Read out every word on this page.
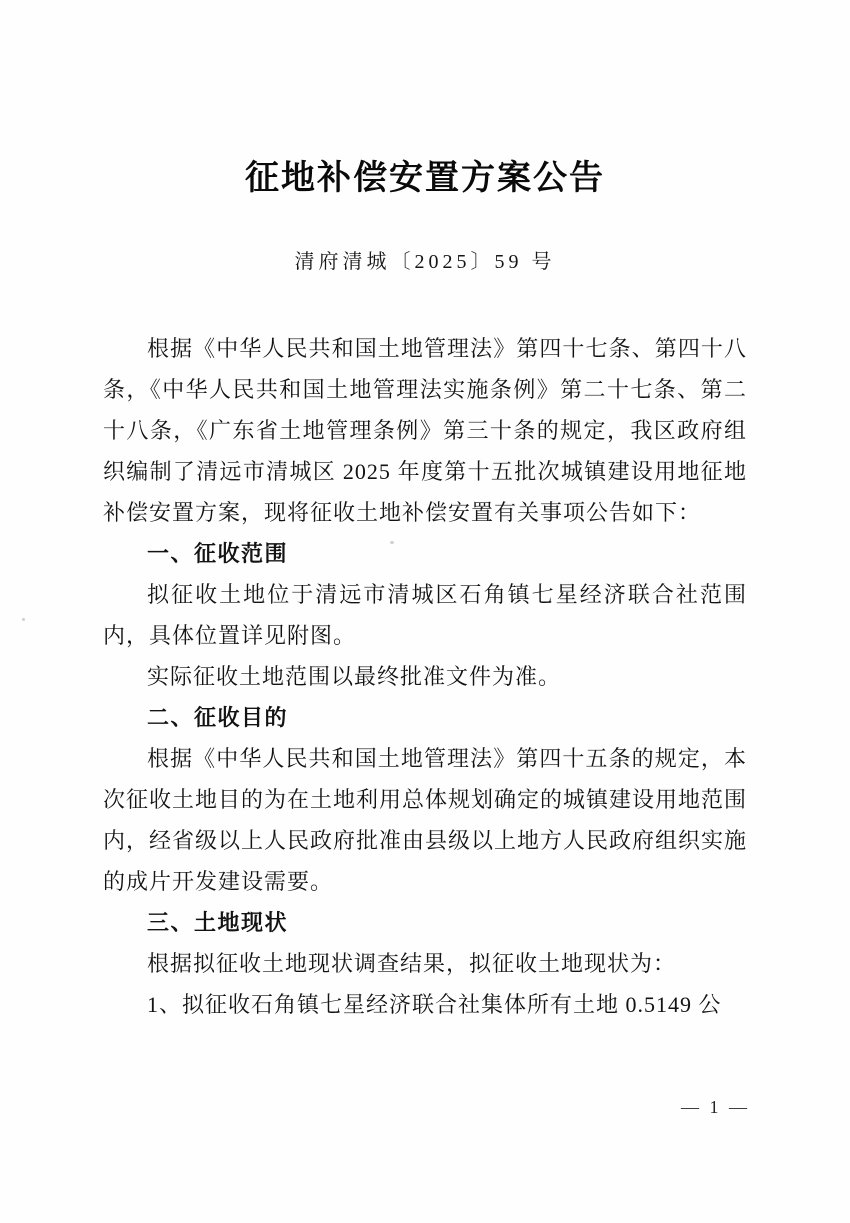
征地补偿安置方案公告
清府清城〔2025〕59 号

根据《中华人民共和国土地管理法》第四十七条、第四十八条，《中华人民共和国土地管理法实施条例》第二十七条、第二十八条，《广东省土地管理条例》第三十条的规定，我区政府组织编制了清远市清城区 2025 年度第十五批次城镇建设用地征地补偿安置方案，现将征收土地补偿安置有关事项公告如下：

一、征收范围

拟征收土地位于清远市清城区石角镇七星经济联合社范围内，具体位置详见附图。

实际征收土地范围以最终批准文件为准。

二、征收目的

根据《中华人民共和国土地管理法》第四十五条的规定，本次征收土地目的为在土地利用总体规划确定的城镇建设用地范围内，经省级以上人民政府批准由县级以上地方人民政府组织实施的成片开发建设需要。

三、土地现状

根据拟征收土地现状调查结果，拟征收土地现状为：

1、拟征收石角镇七星经济联合社集体所有土地 0.5149 公

— 1 —
